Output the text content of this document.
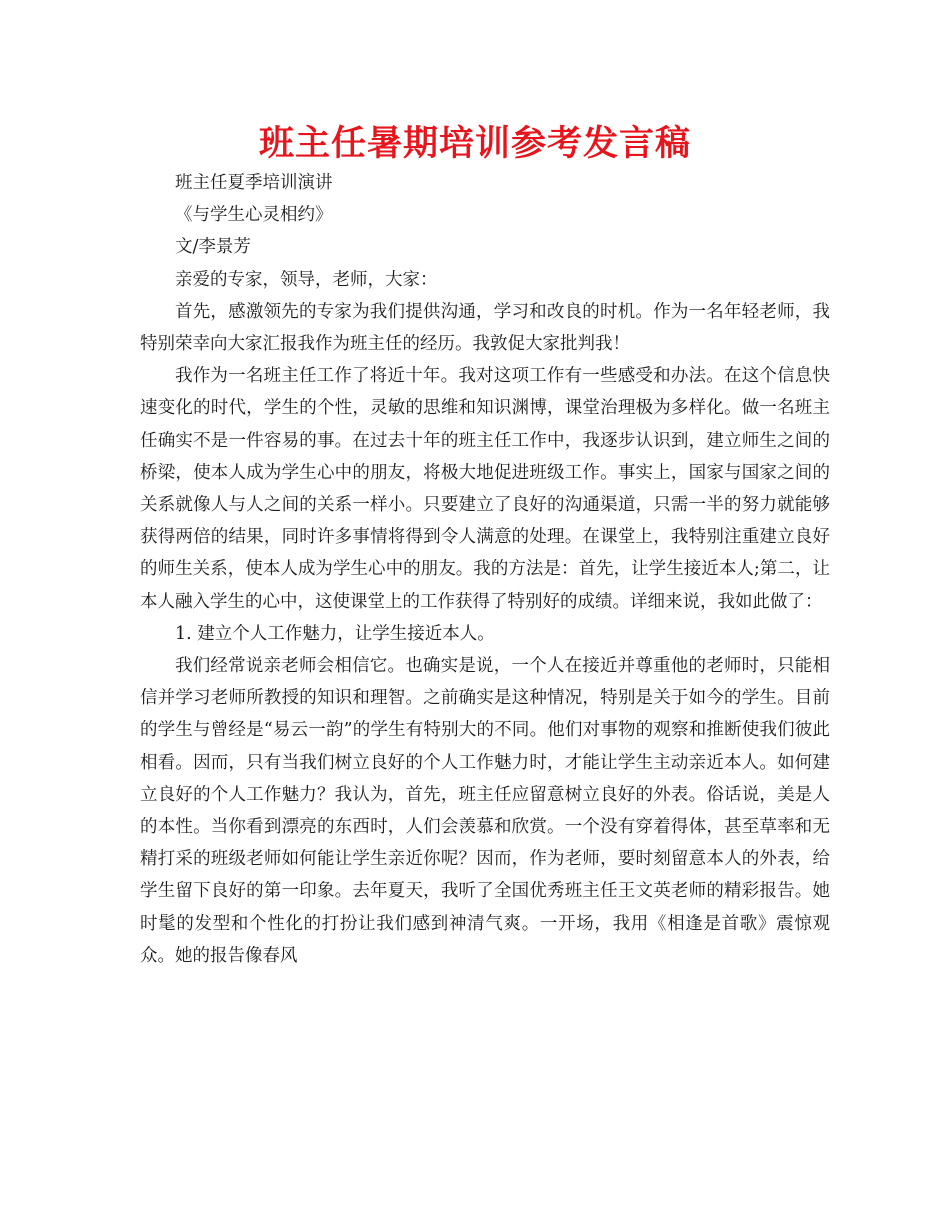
班主任暑期培训参考发言稿

班主任夏季培训演讲

《与学生心灵相约》

文/李景芳

亲爱的专家，领导，老师，大家：

首先，感激领先的专家为我们提供沟通，学习和改良的时机。作为一名年轻老师，我特别荣幸向大家汇报我作为班主任的经历。我敦促大家批判我！

我作为一名班主任工作了将近十年。我对这项工作有一些感受和办法。在这个信息快速变化的时代，学生的个性，灵敏的思维和知识渊博，课堂治理极为多样化。做一名班主任确实不是一件容易的事。在过去十年的班主任工作中，我逐步认识到，建立师生之间的桥梁，使本人成为学生心中的朋友，将极大地促进班级工作。事实上，国家与国家之间的关系就像人与人之间的关系一样小。只要建立了良好的沟通渠道，只需一半的努力就能够获得两倍的结果，同时许多事情将得到令人满意的处理。在课堂上，我特别注重建立良好的师生关系，使本人成为学生心中的朋友。我的方法是：首先，让学生接近本人;第二，让本人融入学生的心中，这使课堂上的工作获得了特别好的成绩。详细来说，我如此做了：

1. 建立个人工作魅力，让学生接近本人。

我们经常说亲老师会相信它。也确实是说，一个人在接近并尊重他的老师时，只能相信并学习老师所教授的知识和理智。之前确实是这种情况，特别是关于如今的学生。目前的学生与曾经是“易云一韵”的学生有特别大的不同。他们对事物的观察和推断使我们彼此相看。因而，只有当我们树立良好的个人工作魅力时，才能让学生主动亲近本人。如何建立良好的个人工作魅力？我认为，首先，班主任应留意树立良好的外表。俗话说，美是人的本性。当你看到漂亮的东西时，人们会羡慕和欣赏。一个没有穿着得体，甚至草率和无精打采的班级老师如何能让学生亲近你呢？因而，作为老师，要时刻留意本人的外表，给学生留下良好的第一印象。去年夏天，我听了全国优秀班主任王文英老师的精彩报告。她时髦的发型和个性化的打扮让我们感到神清气爽。一开场，我用《相逢是首歌》震惊观众。她的报告像春风
